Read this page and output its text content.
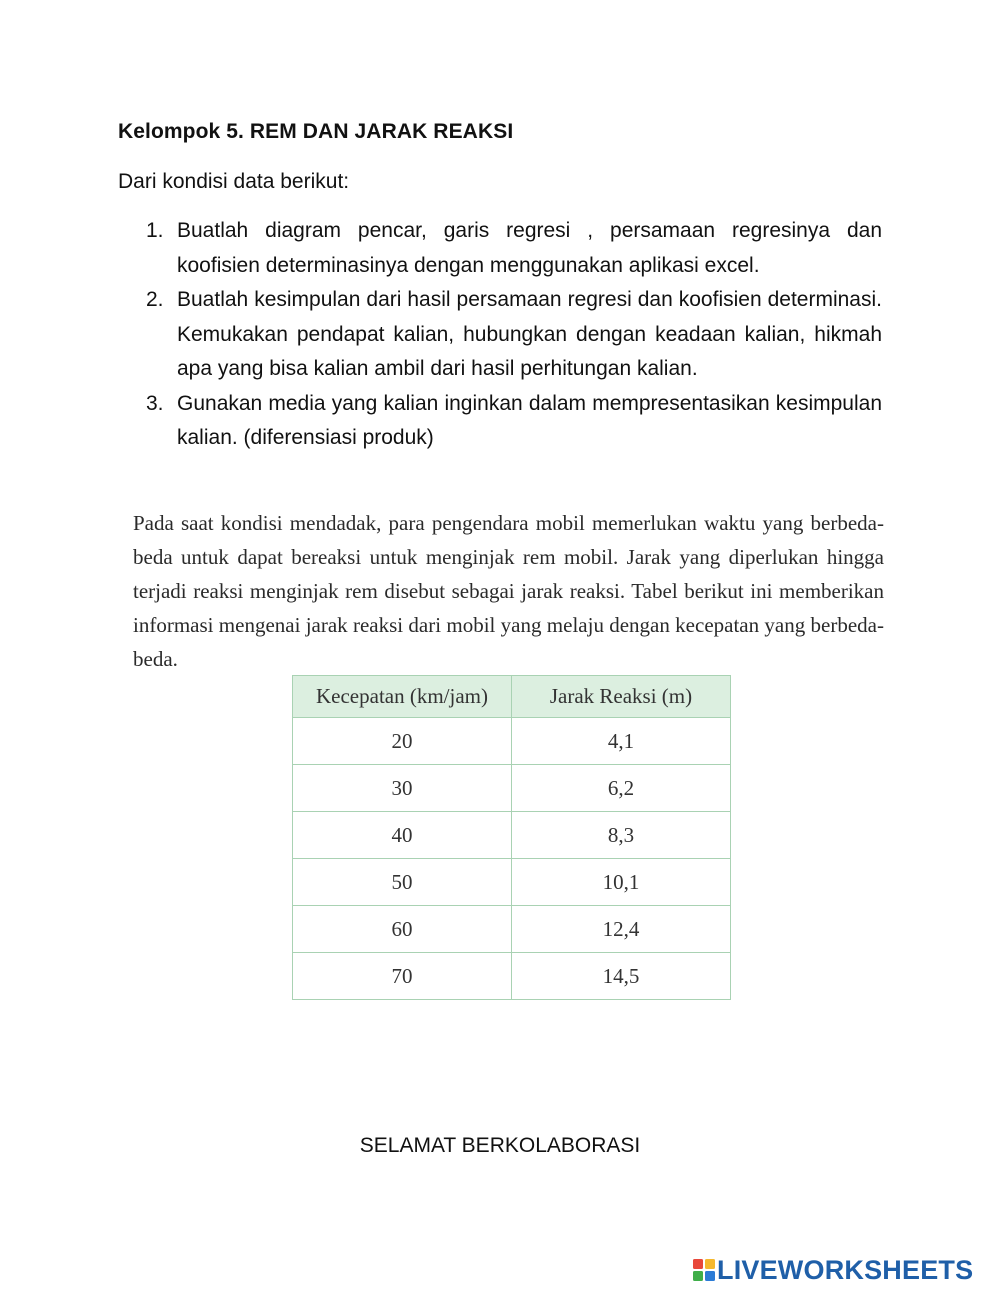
Kelompok 5. REM DAN JARAK REAKSI
Dari kondisi data berikut:
1. Buatlah diagram pencar, garis regresi , persamaan regresinya dan koofisien determinasinya dengan menggunakan aplikasi excel.
2. Buatlah kesimpulan dari hasil persamaan regresi dan koofisien determinasi. Kemukakan pendapat kalian, hubungkan dengan keadaan kalian, hikmah apa yang bisa kalian ambil dari hasil perhitungan kalian.
3. Gunakan media yang kalian inginkan dalam mempresentasikan kesimpulan kalian. (diferensiasi produk)
Pada saat kondisi mendadak, para pengendara mobil memerlukan waktu yang berbeda-beda untuk dapat bereaksi untuk menginjak rem mobil. Jarak yang diperlukan hingga terjadi reaksi menginjak rem disebut sebagai jarak reaksi. Tabel berikut ini memberikan informasi mengenai jarak reaksi dari mobil yang melaju dengan kecepatan yang berbeda-beda.
Kecepatan (km/jam)	Jarak Reaksi (m)
20	4,1
30	6,2
40	8,3
50	10,1
60	12,4
70	14,5
SELAMAT BERKOLABORASI
LIVEWORKSHEETS
